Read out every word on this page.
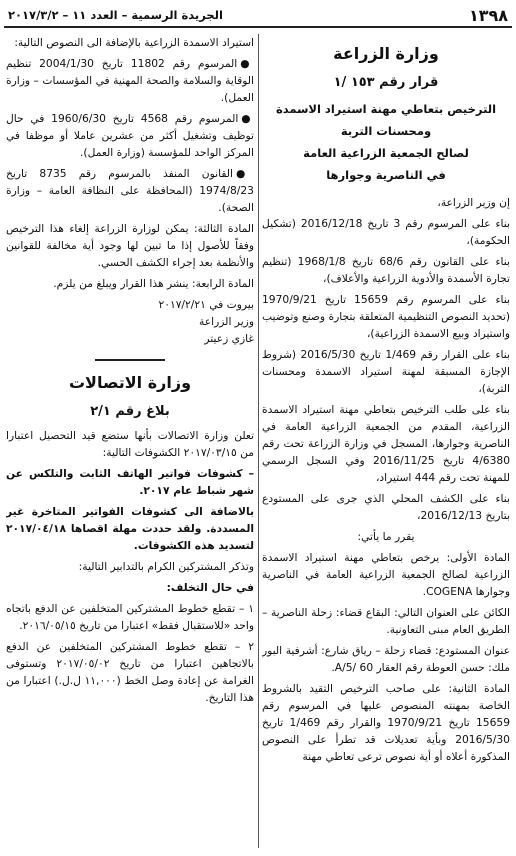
١٣٩٨
الجريدة الرسمية – العدد ١١ – ٢٠١٧/٣/٢
وزارة الزراعة
قرار رقم ١٥٣ /١
الترخيص بتعاطي مهنة استيراد الاسمدة
ومحسنات التربة
لصالح الجمعية الزراعية العامة
في الناصرية وجوارها

إن وزير الزراعة،

بناء على المرسوم رقم 3 تاريخ 2016/12/18 (تشكيل الحكومة)،

بناء على القانون رقم 68/6 تاريخ 1968/1/8 (تنظيم تجارة الأسمدة والأدوية الزراعية والأعلاف)،

بناء على المرسوم رقم 15659 تاريخ 1970/9/21 (تحديد النصوص التنظيمية المتعلقة بتجارة وصنع وتوضيب واستيراد وبيع الاسمدة الزراعية)،

بناء على القرار رقم 1/469 تاريخ 2016/5/30 (شروط الإجازة المسبقة لمهنة استيراد الاسمدة ومحسنات التربة)،

بناء على طلب الترخيص بتعاطي مهنة استيراد الاسمدة الزراعية، المقدم من الجمعية الزراعية العامة في الناصرية وجوارها، المسجل في وزارة الزراعة تحت رقم 4/6380 تاريخ 2016/11/25 وفي السجل الرسمي للمهنة تحت رقم 444 استيراد،

بناء على الكشف المحلي الذي جرى على المستودع بتاريخ 2016/12/13،

يقرر ما يأتي:

المادة الأولى: يرخص بتعاطي مهنة استيراد الاسمدة الزراعية لصالح الجمعية الزراعية العامة في الناصرية وجوارها COGENA.

الكائن على العنوان التالي: البقاع قضاء: زحلة الناصرية – الطريق العام مبنى التعاونية.

عنوان المستودع: قضاء زحلة – رياق شارع: أشرفية البور ملك: حسن العوطة رقم العقار 60 /A/5.

المادة الثانية: على صاحب الترخيص التقيد بالشروط الخاصة بمهنته المنصوص عليها في المرسوم رقم 15659 تاريخ 1970/9/21 والقرار رقم 1/469 تاريخ 2016/5/30 وبأية تعديلات قد تطرأ على النصوص المذكورة أعلاه أو أية نصوص ترعى تعاطي مهنة

استيراد الاسمدة الزراعية بالإضافة الى النصوص التالية:

●المرسوم رقم 11802 تاريخ 2004/1/30 تنظيم الوقاية والسلامة والصحة المهنية في المؤسسات – وزارة العمل).

●المرسوم رقم 4568 تاريخ 1960/6/30 في حال توظيف وتشغيل أكثر من عشرين عاملا أو موظفا في المركز الواحد للمؤسسة (وزارة العمل).

●القانون المنفذ بالمرسوم رقم 8735 تاريخ 1974/8/23 (المحافظة على النظافة العامة – وزارة الصحة).

المادة الثالثة: يمكن لوزارة الزراعة إلغاء هذا الترخيص وفقاً للأصول إذا ما تبين لها وجود أية مخالفة للقوانين والأنظمة بعد إجراء الكشف الحسي.

المادة الرابعة: ينشر هذا القرار ويبلغ من يلزم.

بيروت في ٢٠١٧/٢/٢١
وزير الزراعة
غازي زعيتر
وزارة الاتصالات
بلاغ رقم ٢/١

تعلن وزارة الاتصالات بأنها ستضع قيد التحصيل اعتبارا من ٢٠١٧/٠٣/١٥ الكشوفات التالية:

– كشوفات فواتير الهاتف الثابت والتلكس عن شهر شباط عام ٢٠١٧.

بالاضافة الى كشوفات الفواتير المتاخرة غير المسددة. ولقد حددت مهلة اقصاها ٢٠١٧/٠٤/١٨ لتسديد هذه الكشوفات.

وتذكر المشتركين الكرام بالتدابير التالية:

في حال التخلف:

١ – تقطع خطوط المشتركين المتخلفين عن الدفع باتجاه واحد «للاستقبال فقط» اعتبارا من تاريخ ٢٠١٦/٠٥/١٥.

٢ – تقطع خطوط المشتركين المتخلفين عن الدفع بالاتجاهين اعتبارا من تاريخ ٢٠١٧/٠٥/٠٢ وتستوفى الغرامة عن إعادة وصل الخط (١١,٠٠٠ ل.ل.) اعتبارا من هذا التاريخ.
